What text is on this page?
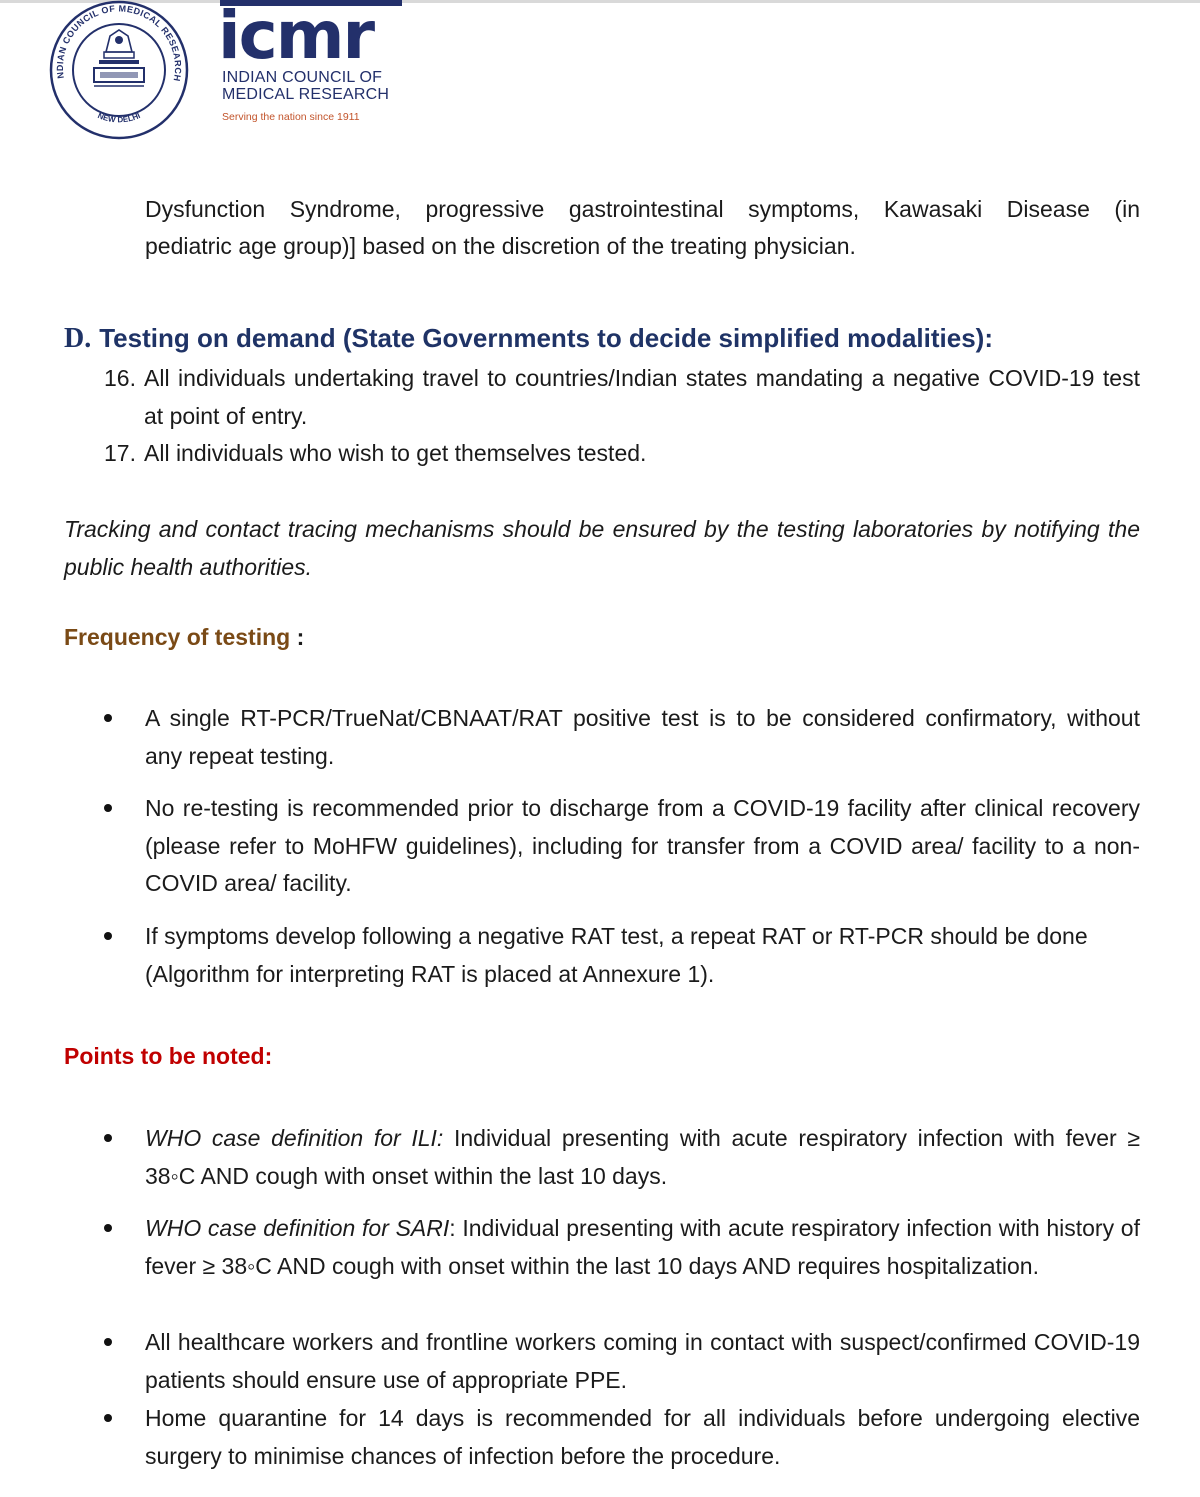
NDIAN COUNCIL OF MEDICAL RESEARCH
NEW DELHI
icmr
INDIAN COUNCIL OF
MEDICAL RESEARCH
Serving the nation since 1911
Dysfunction Syndrome, progressive gastrointestinal symptoms, Kawasaki Disease (in
pediatric age group)] based on the discretion of the treating physician.
D. Testing on demand (State Governments to decide simplified modalities):
16. All individuals undertaking travel to countries/Indian states mandating a negative COVID-19 test at point of entry.
17. All individuals who wish to get themselves tested.
Tracking and contact tracing mechanisms should be ensured by the testing laboratories by notifying the public health authorities.
Frequency of testing :
A single RT-PCR/TrueNat/CBNAAT/RAT positive test is to be considered confirmatory, without any repeat testing.
No re-testing is recommended prior to discharge from a COVID-19 facility after clinical recovery (please refer to MoHFW guidelines), including for transfer from a COVID area/ facility to a non-COVID area/ facility.
If symptoms develop following a negative RAT test, a repeat RAT or RT-PCR should be done (Algorithm for interpreting RAT is placed at Annexure 1).
Points to be noted:
WHO case definition for ILI: Individual presenting with acute respiratory infection with fever ≥ 38◦C AND cough with onset within the last 10 days.
WHO case definition for SARI: Individual presenting with acute respiratory infection with history of fever ≥ 38◦C AND cough with onset within the last 10 days AND requires hospitalization.
All healthcare workers and frontline workers coming in contact with suspect/confirmed COVID-19 patients should ensure use of appropriate PPE.
Home quarantine for 14 days is recommended for all individuals before undergoing elective surgery to minimise chances of infection before the procedure.
